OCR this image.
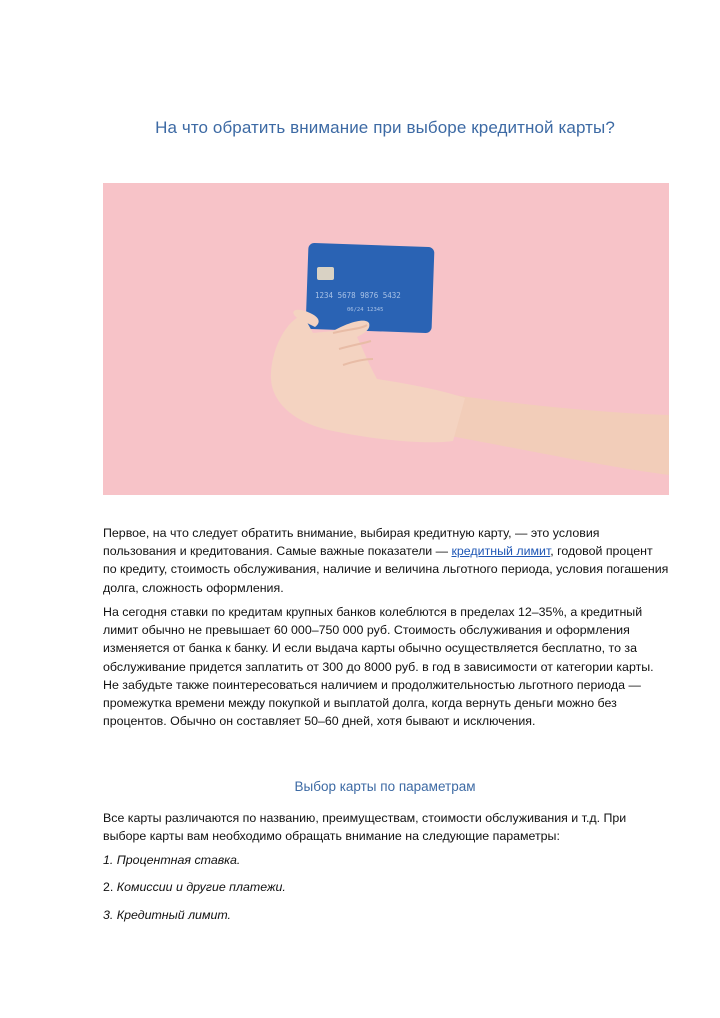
На что обратить внимание при выборе кредитной карты?
1234 5678 9876 5432
06/24 12345

Первое, на что следует обратить внимание, выбирая кредитную карту, — это условия пользования и кредитования. Самые важные показатели — кредитный лимит, годовой процент по кредиту, стоимость обслуживания, наличие и величина льготного периода, условия погашения долга, сложность оформления.

На сегодня ставки по кредитам крупных банков колеблются в пределах 12–35%, а кредитный лимит обычно не превышает 60 000–750 000 руб. Стоимость обслуживания и оформления изменяется от банка к банку. И если выдача карты обычно осуществляется бесплатно, то за обслуживание придется заплатить от 300 до 8000 руб. в год в зависимости от категории карты. Не забудьте также поинтересоваться наличием и продолжительностью льготного периода — промежутка времени между покупкой и выплатой долга, когда вернуть деньги можно без процентов. Обычно он составляет 50–60 дней, хотя бывают и исключения.

Выбор карты по параметрам

Все карты различаются по названию, преимуществам, стоимости обслуживания и т.д. При выборе карты вам необходимо обращать внимание на следующие параметры:

1. Процентная ставка.

2. Комиссии и другие платежи.

3. Кредитный лимит.
